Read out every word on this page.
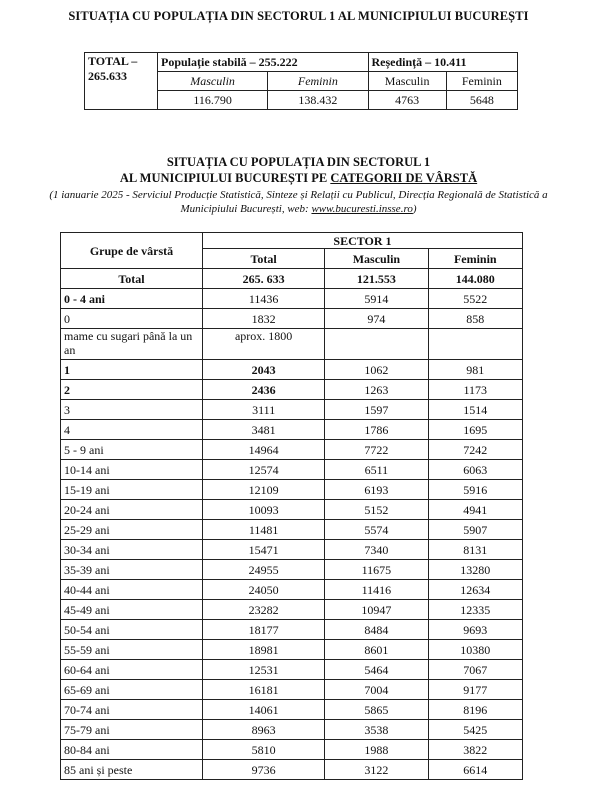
SITUAȚIA CU POPULAȚIA DIN SECTORUL 1 AL MUNICIPIULUI BUCUREȘTI
TOTAL –
265.633	Populație stabilă – 255.222		Reședință – 10.411	
	Masculin	Feminin	Masculin	Feminin
	116.790	138.432	4763	5648
SITUAȚIA CU POPULAȚIA DIN SECTORUL 1
AL MUNICIPIULUI BUCUREȘTI PE CATEGORII DE VÂRSTĂ
(1 ianuarie 2025 - Serviciul Producție Statistică, Sinteze și Relații cu Publicul, Direcția Regională de Statistică a Municipiului București, web: www.bucuresti.insse.ro)
Grupe de vârstă	SECTOR 1		
	Total	Masculin	Feminin
Total	265. 633	121.553	144.080
0 - 4 ani	11436	5914	5522
0	1832	974	858
mame cu sugari până la un an	aprox. 1800		
1	2043	1062	981
2	2436	1263	1173
3	3111	1597	1514
4	3481	1786	1695
5 - 9 ani	14964	7722	7242
10-14 ani	12574	6511	6063
15-19 ani	12109	6193	5916
20-24 ani	10093	5152	4941
25-29 ani	11481	5574	5907
30-34 ani	15471	7340	8131
35-39 ani	24955	11675	13280
40-44 ani	24050	11416	12634
45-49 ani	23282	10947	12335
50-54 ani	18177	8484	9693
55-59 ani	18981	8601	10380
60-64 ani	12531	5464	7067
65-69 ani	16181	7004	9177
70-74 ani	14061	5865	8196
75-79 ani	8963	3538	5425
80-84 ani	5810	1988	3822
85 ani și peste	9736	3122	6614
